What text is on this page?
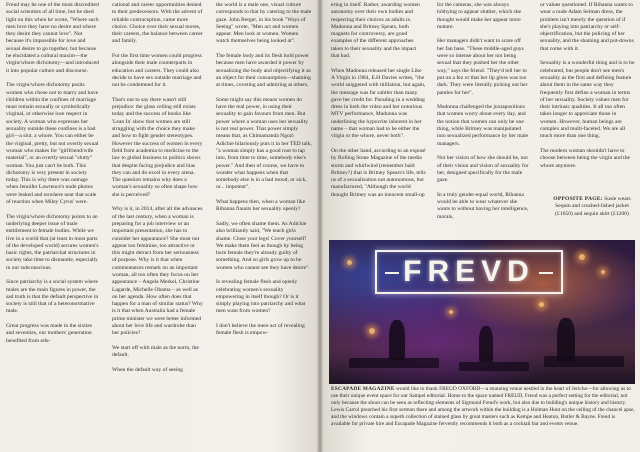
Freud may be one of the most discredited social scientists of all time, but he shed light on this when he wrote, "Where such men love they have no desire and where they desire they cannot love". Not because it's impossible for love and sexual desire to go together, but because he elucidated a cultural maxim—the virgin/whore dichotomy—and introduced it into popular culture and discourse.

The virgin/whore dichotomy posits women who chose not to marry and have children within the confines of marriage must remain sexually or symbolically virginal, or otherwise lose respect in society. A woman who expresses her sexuality outside these confines is a bad girl—a slut, a whore. You can either be the virginal, pretty, but not overtly sexual woman who makes for "girlfriend/wife material", or an overtly sexual "slutty" woman. You just can't be both. This dichotomy is very present in society today. This is why there was outrage when Jennifer Lawrence's nude photos were leaked and nowhere near that scale of reaction when Miley Cyrus' were.

The virgin/whore dichotomy points to an underlying deeper issue of male entitlement to female bodies. While we live in a world that (at least in most parts of the developed world) secures women's basic rights, the patriarchal structures in society take time to dismantle, especially in our subconscious.

Since patriarchy is a social system where males are the main figures in power, the sad truth is that the default perspective in society is still that of a heteronormative male.

Great progress was made in the sixties and seventies, our mothers' generation benefited from edu-

cational and career opportunities denied to their predecessors. With the advent of reliable contraception, came more choice. Choice over their sexual mores, their careers, the balance between career and family.

For the first time women could progress alongside their male counterparts in education and careers. They could also decide to have sex outside marriage and not be condemned for it.

That's not to say there wasn't still prejudice: the glass ceiling still exists today and the success of books like 'Lean In' show that women are still struggling with the choice they make and how to fight gender stereotypes. However the success of women in every field from academia to medicine to the law to global business to politics shows that despite facing prejudice and bias they can and do excel in every arena. The question remains why does a woman's sexuality so often shape how she is perceived?

Why is it, in 2014, after all the advances of the last century, when a woman is preparing for a job interview or an important presentation, she has to consider her appearance? She must not appear too feminine, too attractive or this might detract from her seriousness of purpose. Why is it that when commentators remark on an important woman, all too often they focus on her appearance – Angela Merkel, Christine Lagarde, Michelle Obama – as well as on her agenda. How often does that happen for a man of similar status? Why is it that when Australia had a female prime minister we were better informed about her love life and wardrobe than her policies?

We start off with male as the norm, the default.

When the default way of seeing

the world is a male one, visual culture corresponds to that by catering to the male gaze. John Berger, in his book "Ways of Seeing" wrote, "Men act and women appear. Men look at women. Women watch themselves being looked at".

The female body and its flesh hold power because men have awarded it power by sexualizing the body and objectifying it as an object for their consumption—shaming at times, coveting and admiring at others.

Some might say this means women do have the real power, in using their sexuality to gain favours from men. But power where a woman uses her sexuality is not real power. That power simply means that, as Chimamanda Ngozi Adichie hilariously puts it in her TED talk, "a woman simply has a good root to tap into, from time to time, somebody else's power." And then of course, we have to wonder what happens when that somebody else is in a bad mood, or sick, or... impotent".

What happens then, when a woman like Rihanna flaunts her sexuality openly?

Sadly, we often shame them. As Adichie also brilliantly said, "We teach girls shame. Close your legs! Cover yourself! We make them feel as though by being born female they're already guilty of something. And so girls grow up to be women who cannot see they have desire".

Is revealing female flesh and openly celebrating women's sexuality empowering in itself though? Or is it simply playing into patriarchy and what men want from women?

I don't believe the mere act of revealing female flesh is empow-

ering in itself. Rather, awarding women autonomy over their own bodies and respecting their choices as adults is. Madonna and Britney Spears, both magnets for controversy, are good examples of the different approaches taken to their sexuality and the impact that had.

When Madonna released her single Like A Virgin in 1984, E.H Davies writes, "the world sniggered with titillation, but again, the message was far subtler than many gave her credit for. Parading in a wedding dress in both the video and her notorious MTV performance, Madonna was underlining the hypocrite inherent in her name – that woman had to be either the virgin or the whore, never both".

On the other hand, according to an exposé by Rolling Stone Magazine of the media storm and whirlwind (remember bald Britney?) that is Britney Spears's life, tells us of a sexualisation not autonomous, but manufactured, "Although the world thought Britney was an innocent small-up

for the cameras, she was always lobbying to appear sluttier, which she thought would make her appear more mature.

Her managers didn't want to scare off her fan base. "These middle-aged guys were so intense about her not being sexual that they pushed her the other way," says the friend. "They'd tell her to put on a fez or that her lip gloss was too dark. They were literally picking out her panties for her".

Madonna challenged the juxtapositions that women worry about every day, and the notion that women can only be one thing, while Britney was manipulated into sexualized performance by her male managers.

Not her vision of how she should be, nor of their vision and vision of sexuality for her, designed specifically for the male gaze.

In a truly gender-equal world, Rihanna would be able to wear whatever she wants to without having her intelligence, morals,

or values questioned. If Rihanna wants to wear a nude Adam Selman dress, the problem isn't merely the question of if she's playing into patriarchy or self-objectification, but the policing of her sexuality, and the shaming and put-downs that come with it.

Sexuality is a wonderful thing and is to be celebrated, but people don't see men's sexuality as the first and defining feature about them in the same way they frequently first define a woman in terms of her sexuality. Society values men for their intrinsic qualities. It all too often takes longer to appreciate those in women. However, human beings are complex and multi-faceted. We are all much more than one thing.

The modern woman shouldn't have to choose between being the virgin and the whore anymore.

OPPOSITE PAGE: Susie wears Sequin and crushed-lished jacket (£1650) and sequin skirt (£1200)
FREVD
ESCAPADE MAGAZINE would like to thank FREUD OXFORD—a stunning venue nestled in the heart of Jericho—for allowing us to use their unique event space for our Sampel editorial. Home to the space named FREUD, Freud was a perfect setting for the editorial, not only because the shoot can be seen as reflecting elements of Sigmund Freud's work, but also due to building's unique history and history. Lewis Carrol preached his first sermon there and among the artwork within the building is a Holman Hunt on the ceiling of the chancel apse, and the windows contain a superb collection of stained glass by great masters such as Kempe and Heaton, Butler & Bayne. Freud is available for private hire and Escapade Magazine fervently recommends it both as a cocktail bar and events venue.
